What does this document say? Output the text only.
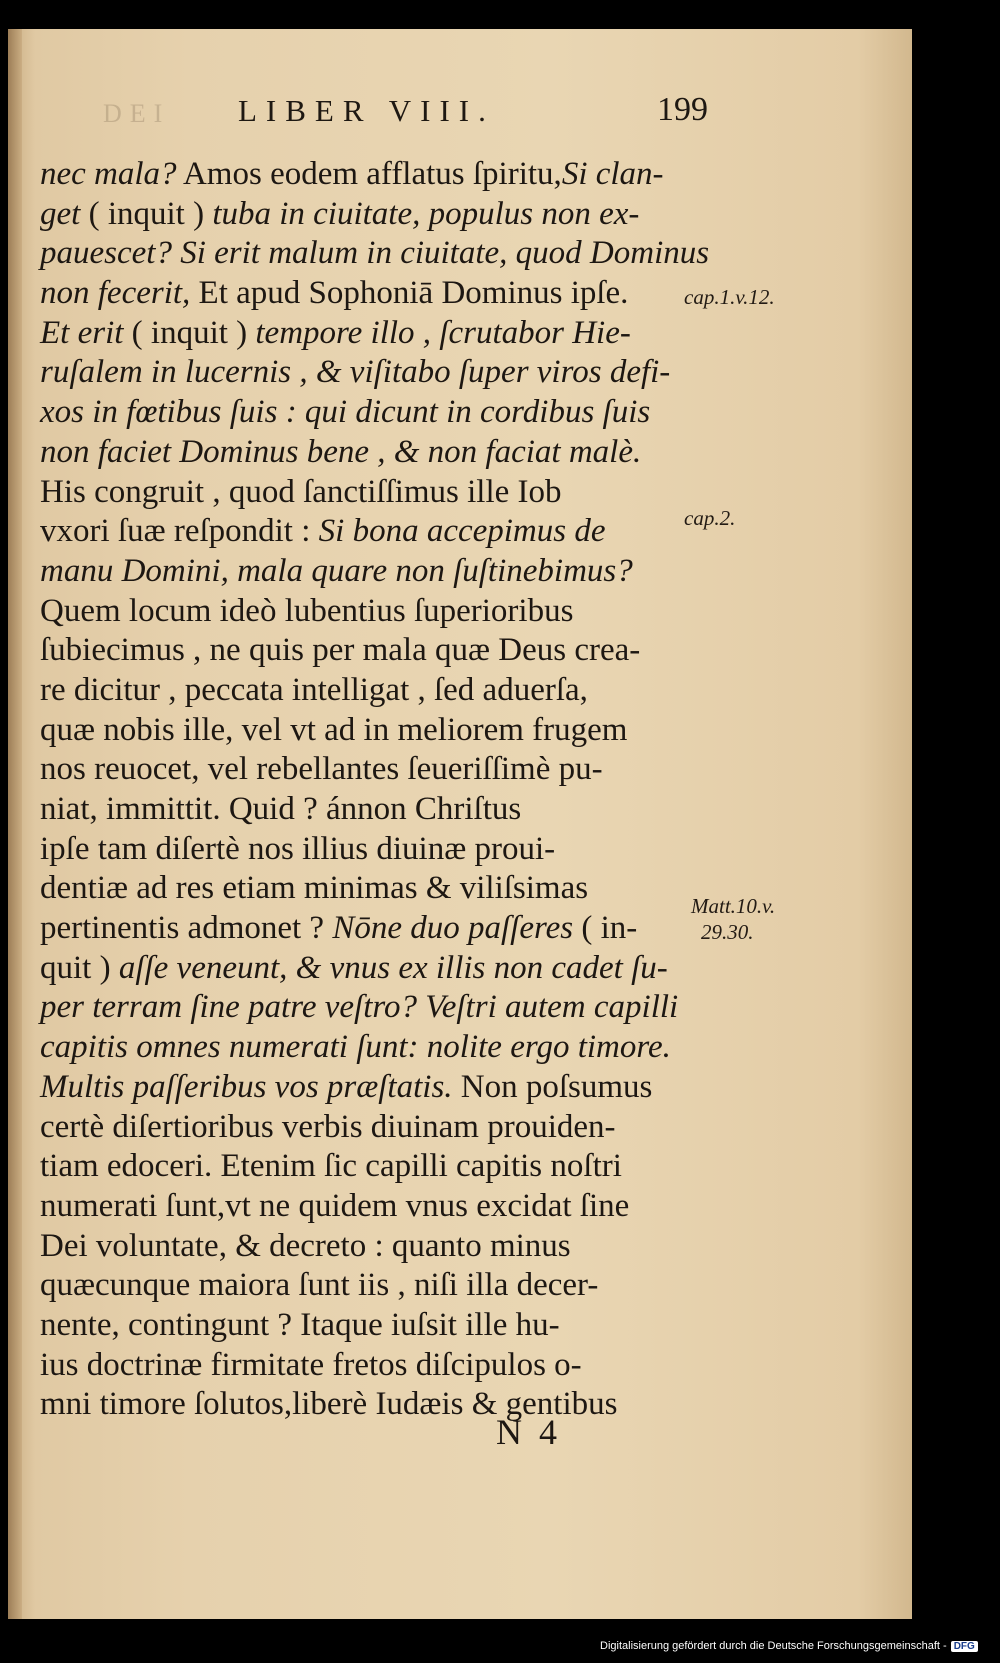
DEI LIBER VIII.	199
nec mala? Amos eodem afflatus ſpiritu,Si clan-
get ( inquit ) tuba in ciuitate, populus non ex-
pauescet? Si erit malum in ciuitate, quod Dominus
non fecerit, Et apud Sophoniā Dominus ipſe.
Et erit ( inquit ) tempore illo , ſcrutabor Hie-
ruſalem in lucernis , & viſitabo ſuper viros defi-
xos in fœtibus ſuis : qui dicunt in cordibus ſuis
non faciet Dominus bene , & non faciat malè.
His congruit , quod ſanctiſſimus ille Iob
vxori ſuæ reſpondit : Si bona accepimus de
manu Domini, mala quare non ſuſtinebimus?
Quem locum ideò lubentius ſuperioribus
ſubiecimus , ne quis per mala quæ Deus crea-
re dicitur , peccata intelligat , ſed aduerſa,
quæ nobis ille, vel vt ad in meliorem frugem
nos reuocet, vel rebellantes ſeueriſſimè pu-
niat, immittit. Quid ? ánnon Chriſtus
ipſe tam diſertè nos illius diuinæ proui-
dentiæ ad res etiam minimas & viliſsimas
pertinentis admonet ? Nōne duo paſſeres ( in-
quit ) aſſe veneunt, & vnus ex illis non cadet ſu-
per terram ſine patre veſtro? Veſtri autem capilli
capitis omnes numerati ſunt: nolite ergo timore.
Multis paſſeribus vos præſtatis. Non poſsumus
certè diſertioribus verbis diuinam prouiden-
tiam edoceri. Etenim ſic capilli capitis noſtri
numerati ſunt,vt ne quidem vnus excidat ſine
Dei voluntate, & decreto : quanto minus
quæcunque maiora ſunt iis , niſi illa decer-
nente, contingunt ? Itaque iuſsit ille hu-
ius doctrinæ firmitate fretos diſcipulos o-
mni timore ſolutos,liberè Iudæis & gentibus
cap.1.v.12.
cap.2.
Matt.10.v.
29.30.
N 4
Digitalisierung gefördert durch die Deutsche Forschungsgemeinschaft - DFG
